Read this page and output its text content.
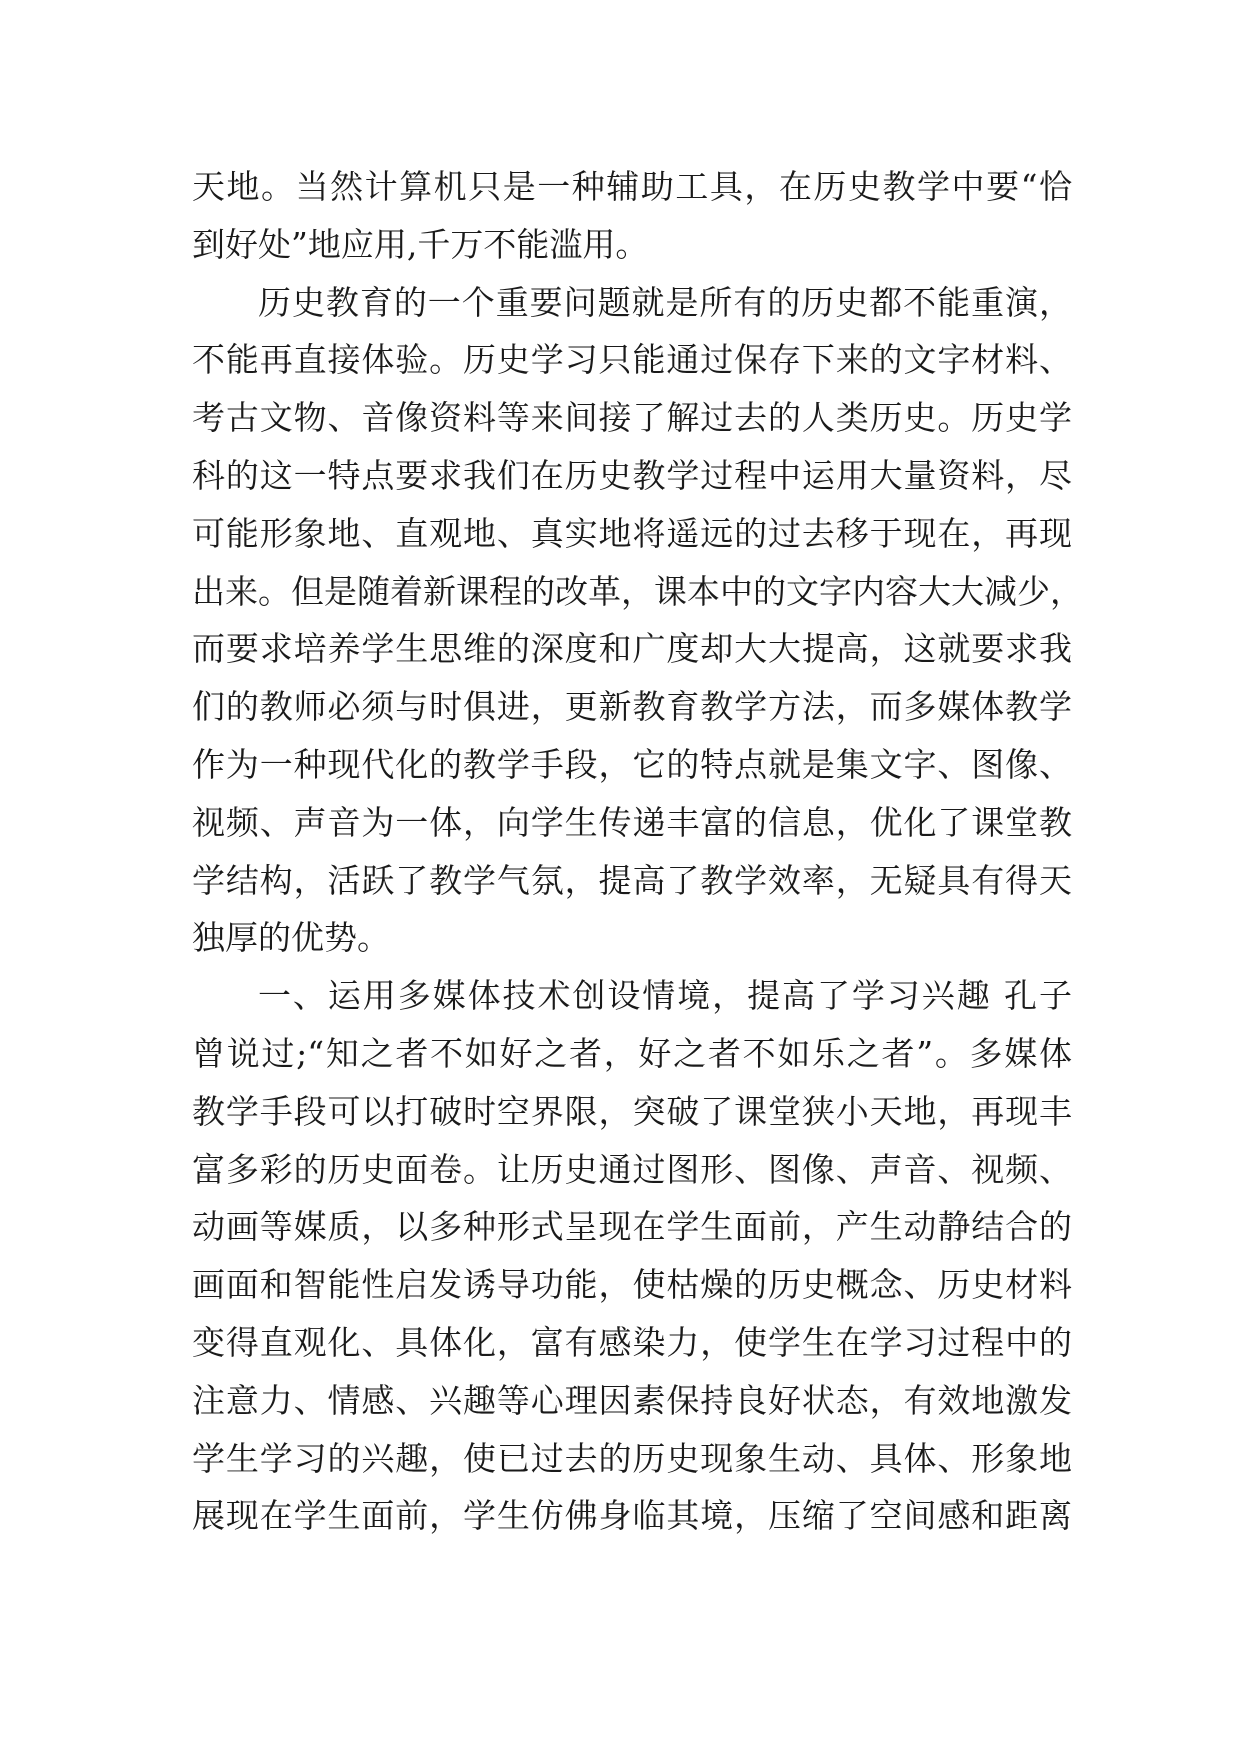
天地。当然计算机只是一种辅助工具，在历史教学中要“恰
到好处”地应用,千万不能滥用。
历史教育的一个重要问题就是所有的历史都不能重演，
不能再直接体验。历史学习只能通过保存下来的文字材料、
考古文物、音像资料等来间接了解过去的人类历史。历史学
科的这一特点要求我们在历史教学过程中运用大量资料，尽
可能形象地、直观地、真实地将遥远的过去移于现在，再现
出来。但是随着新课程的改革，课本中的文字内容大大减少，
而要求培养学生思维的深度和广度却大大提高，这就要求我
们的教师必须与时俱进，更新教育教学方法，而多媒体教学
作为一种现代化的教学手段，它的特点就是集文字、图像、
视频、声音为一体，向学生传递丰富的信息，优化了课堂教
学结构，活跃了教学气氛，提高了教学效率，无疑具有得天
独厚的优势。
一、运用多媒体技术创设情境，提高了学习兴趣 孔子
曾说过;“知之者不如好之者，好之者不如乐之者”。多媒体
教学手段可以打破时空界限，突破了课堂狭小天地，再现丰
富多彩的历史面卷。让历史通过图形、图像、声音、视频、
动画等媒质，以多种形式呈现在学生面前，产生动静结合的
画面和智能性启发诱导功能，使枯燥的历史概念、历史材料
变得直观化、具体化，富有感染力，使学生在学习过程中的
注意力、情感、兴趣等心理因素保持良好状态，有效地激发
学生学习的兴趣，使已过去的历史现象生动、具体、形象地
展现在学生面前，学生仿佛身临其境，压缩了空间感和距离
